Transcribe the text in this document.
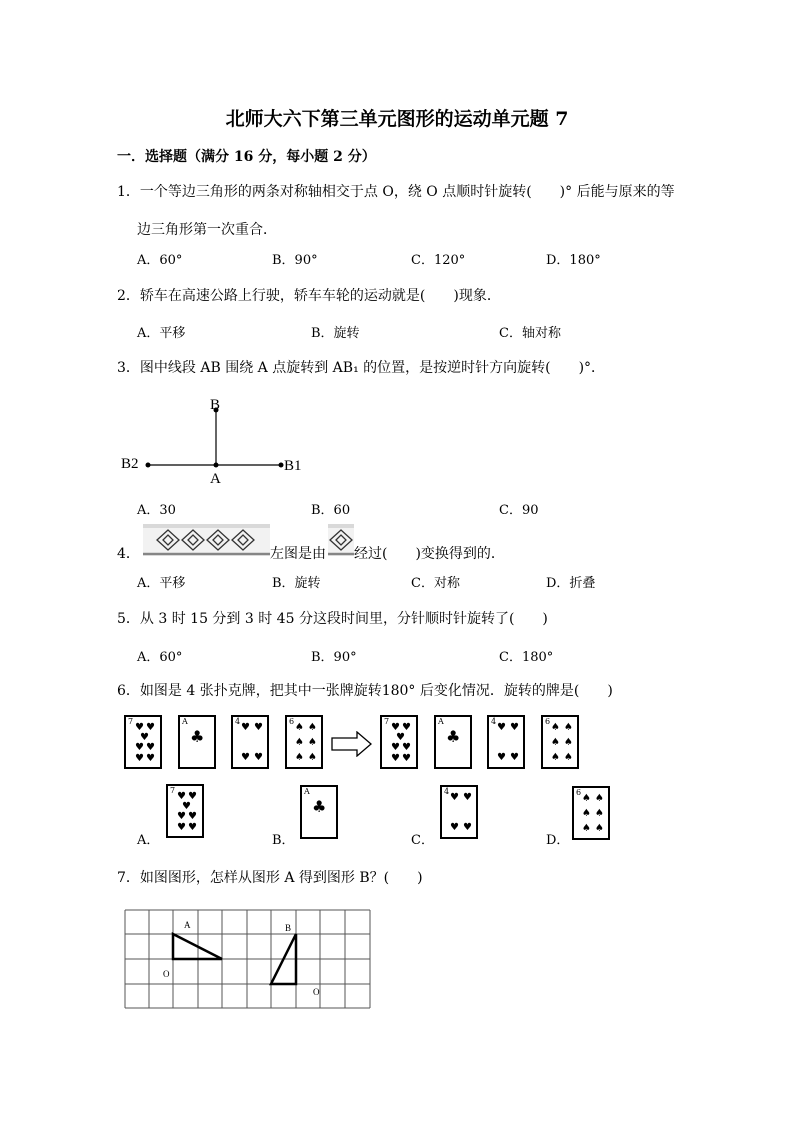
北师大六下第三单元图形的运动单元题 7
一．选择题（满分 16 分，每小题 2 分）
1．一个等边三角形的两条对称轴相交于点 O，绕 O 点顺时针旋转(　　)° 后能与原来的等
边三角形第一次重合．
A．60°	B．90°	C．120°	D．180°
2．轿车在高速公路上行驶，轿车车轮的运动就是(　　)现象．
A．平移	B．旋转	C．轴对称
3．图中线段 AB 围绕 A 点旋转到 AB₁ 的位置，是按逆时针方向旋转(　　)°．
B
A
B1
B2
A．30	B．60	C．90
4．	左图是由 经过(　　)变换得到的．
A．平移	B．旋转	C．对称	D．折叠
5．从 3 时 15 分到 3 时 45 分这段时间里，分针顺时针旋转了(　　)
A．60°	B．90°	C．180°
6．如图是 4 张扑克牌，把其中一张牌旋转180° 后变化情况．旋转的牌是(　　)
7
♥ ♥
♥
♥ ♥
♥ ♥
A
♣
4
♥ ♥
♥ ♥
6
♠ ♠
♠ ♠
♠ ♠
7
♥ ♥
♥
♥ ♥
♥ ♥
A
♣
4
♥ ♥
♥ ♥
6
♠ ♠
♠ ♠
♠ ♠
A．
7
♥ ♥
♥
♥ ♥
♥ ♥
B．
A
♣
C．
4
♥ ♥
♥ ♥
D．
6
♠ ♠
♠ ♠
♠ ♠
7．如图图形，怎样从图形 A 得到图形 B？(　　)
A
O
B
O
